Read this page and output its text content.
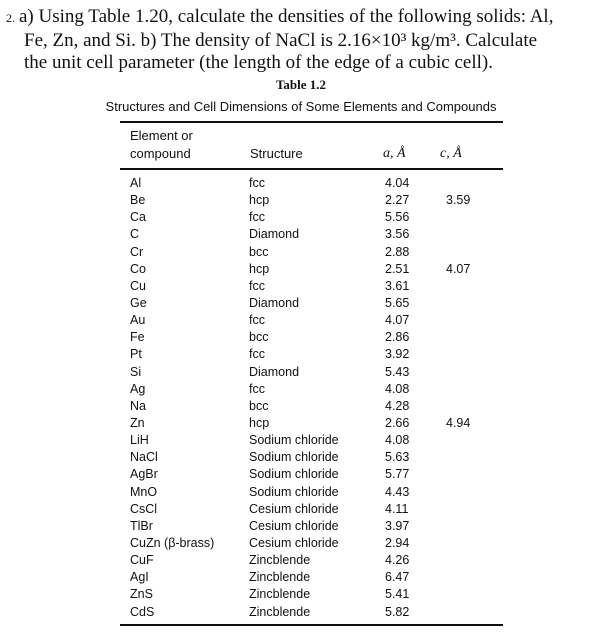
2. a) Using Table 1.20, calculate the densities of the following solids: Al,
Fe, Zn, and Si. b) The density of NaCl is 2.16×10³ kg/m³. Calculate
the unit cell parameter (the length of the edge of a cubic cell).
Table 1.2
Structures and Cell Dimensions of Some Elements and Compounds
Element or
compound	Structure	a, Å c, Å
Al	fcc	4.04
Be	hcp	2.27	3.59
Ca	fcc	5.56
C	Diamond	3.56
Cr	bcc	2.88
Co	hcp	2.51	4.07
Cu	fcc	3.61
Ge	Diamond	5.65
Au	fcc	4.07
Fe	bcc	2.86
Pt	fcc	3.92
Si	Diamond	5.43
Ag	fcc	4.08
Na	bcc	4.28
Zn	hcp	2.66	4.94
LiH	Sodium chloride	4.08
NaCl	Sodium chloride	5.63
AgBr	Sodium chloride	5.77
MnO	Sodium chloride	4.43
CsCl	Cesium chloride	4.11
TlBr	Cesium chloride	3.97
CuZn (β-brass)	Cesium chloride	2.94
CuF	Zincblende	4.26
AgI	Zincblende	6.47
ZnS	Zincblende	5.41
CdS	Zincblende	5.82
